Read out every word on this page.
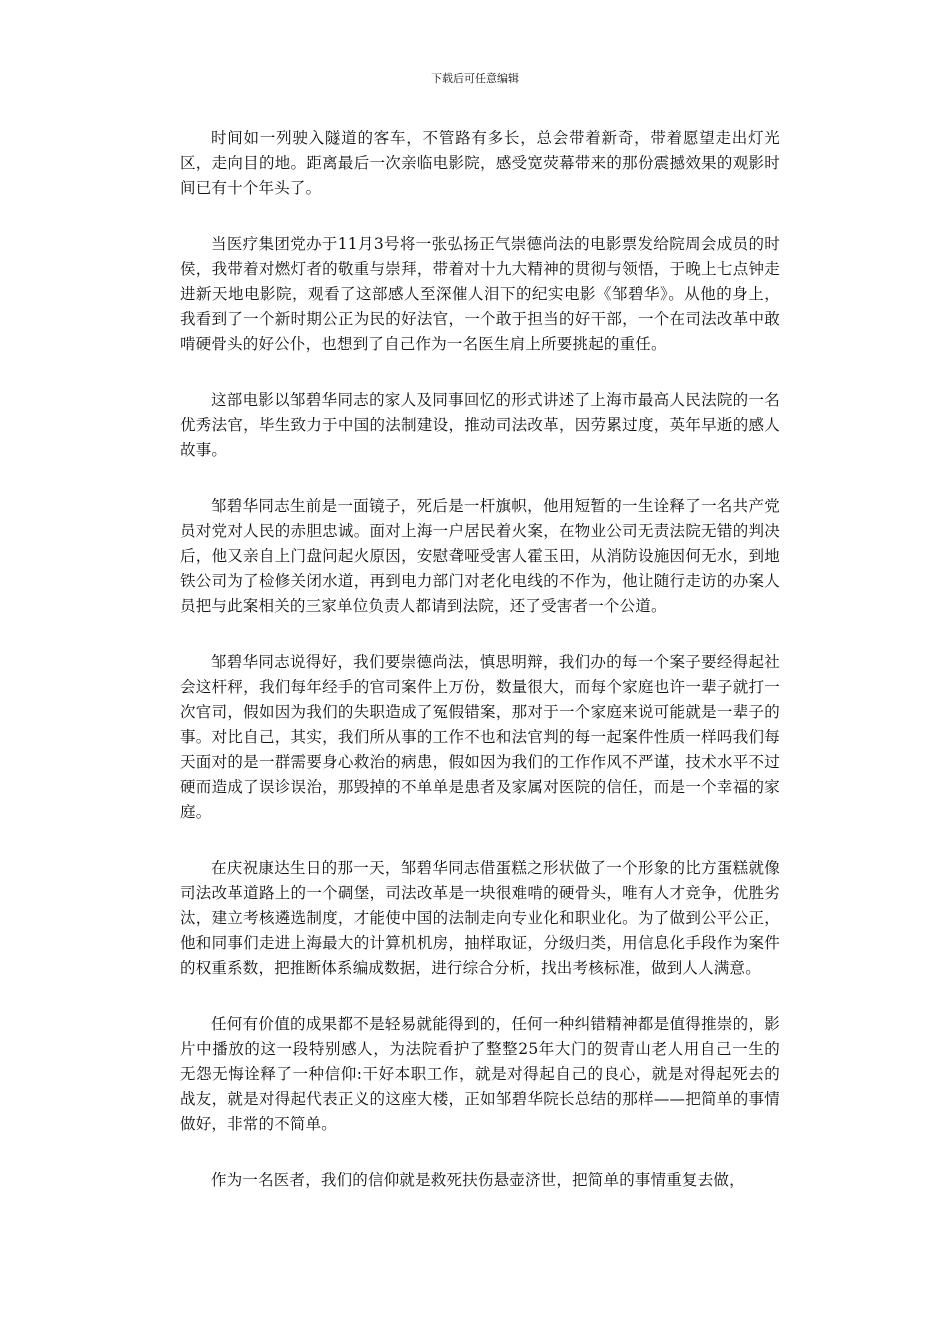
下载后可任意编辑

时间如一列驶入隧道的客车，不管路有多长，总会带着新奇，带着愿望走出灯光区，走向目的地。距离最后一次亲临电影院，感受宽荧幕带来的那份震撼效果的观影时间已有十个年头了。

当医疗集团党办于11月3号将一张弘扬正气崇德尚法的电影票发给院周会成员的时侯，我带着对燃灯者的敬重与崇拜，带着对十九大精神的贯彻与领悟，于晚上七点钟走进新天地电影院，观看了这部感人至深催人泪下的纪实电影《邹碧华》。从他的身上，我看到了一个新时期公正为民的好法官，一个敢于担当的好干部，一个在司法改革中敢啃硬骨头的好公仆，也想到了自己作为一名医生肩上所要挑起的重任。

这部电影以邹碧华同志的家人及同事回忆的形式讲述了上海市最高人民法院的一名优秀法官，毕生致力于中国的法制建设，推动司法改革，因劳累过度，英年早逝的感人故事。

邹碧华同志生前是一面镜子，死后是一杆旗帜，他用短暂的一生诠释了一名共产党员对党对人民的赤胆忠诚。面对上海一户居民着火案，在物业公司无责法院无错的判决后，他又亲自上门盘问起火原因，安慰聋哑受害人霍玉田，从消防设施因何无水，到地铁公司为了检修关闭水道，再到电力部门对老化电线的不作为，他让随行走访的办案人员把与此案相关的三家单位负责人都请到法院，还了受害者一个公道。

邹碧华同志说得好，我们要崇德尚法，慎思明辩，我们办的每一个案子要经得起社会这杆秤，我们每年经手的官司案件上万份，数量很大，而每个家庭也许一辈子就打一次官司，假如因为我们的失职造成了冤假错案，那对于一个家庭来说可能就是一辈子的事。对比自己，其实，我们所从事的工作不也和法官判的每一起案件性质一样吗我们每天面对的是一群需要身心救治的病患，假如因为我们的工作作风不严谨，技术水平不过硬而造成了误诊误治，那毁掉的不单单是患者及家属对医院的信任，而是一个幸福的家庭。

在庆祝康达生日的那一天，邹碧华同志借蛋糕之形状做了一个形象的比方蛋糕就像司法改革道路上的一个碉堡，司法改革是一块很难啃的硬骨头，唯有人才竞争，优胜劣汰，建立考核遴选制度，才能使中国的法制走向专业化和职业化。为了做到公平公正，他和同事们走进上海最大的计算机机房，抽样取证，分级归类，用信息化手段作为案件的权重系数，把推断体系编成数据，进行综合分析，找出考核标准，做到人人满意。

任何有价值的成果都不是轻易就能得到的，任何一种纠错精神都是值得推崇的，影片中播放的这一段特别感人，为法院看护了整整25年大门的贺青山老人用自己一生的无怨无悔诠释了一种信仰:干好本职工作，就是对得起自己的良心，就是对得起死去的战友，就是对得起代表正义的这座大楼，正如邹碧华院长总结的那样——把简单的事情做好，非常的不简单。

作为一名医者，我们的信仰就是救死扶伤悬壶济世，把简单的事情重复去做，
